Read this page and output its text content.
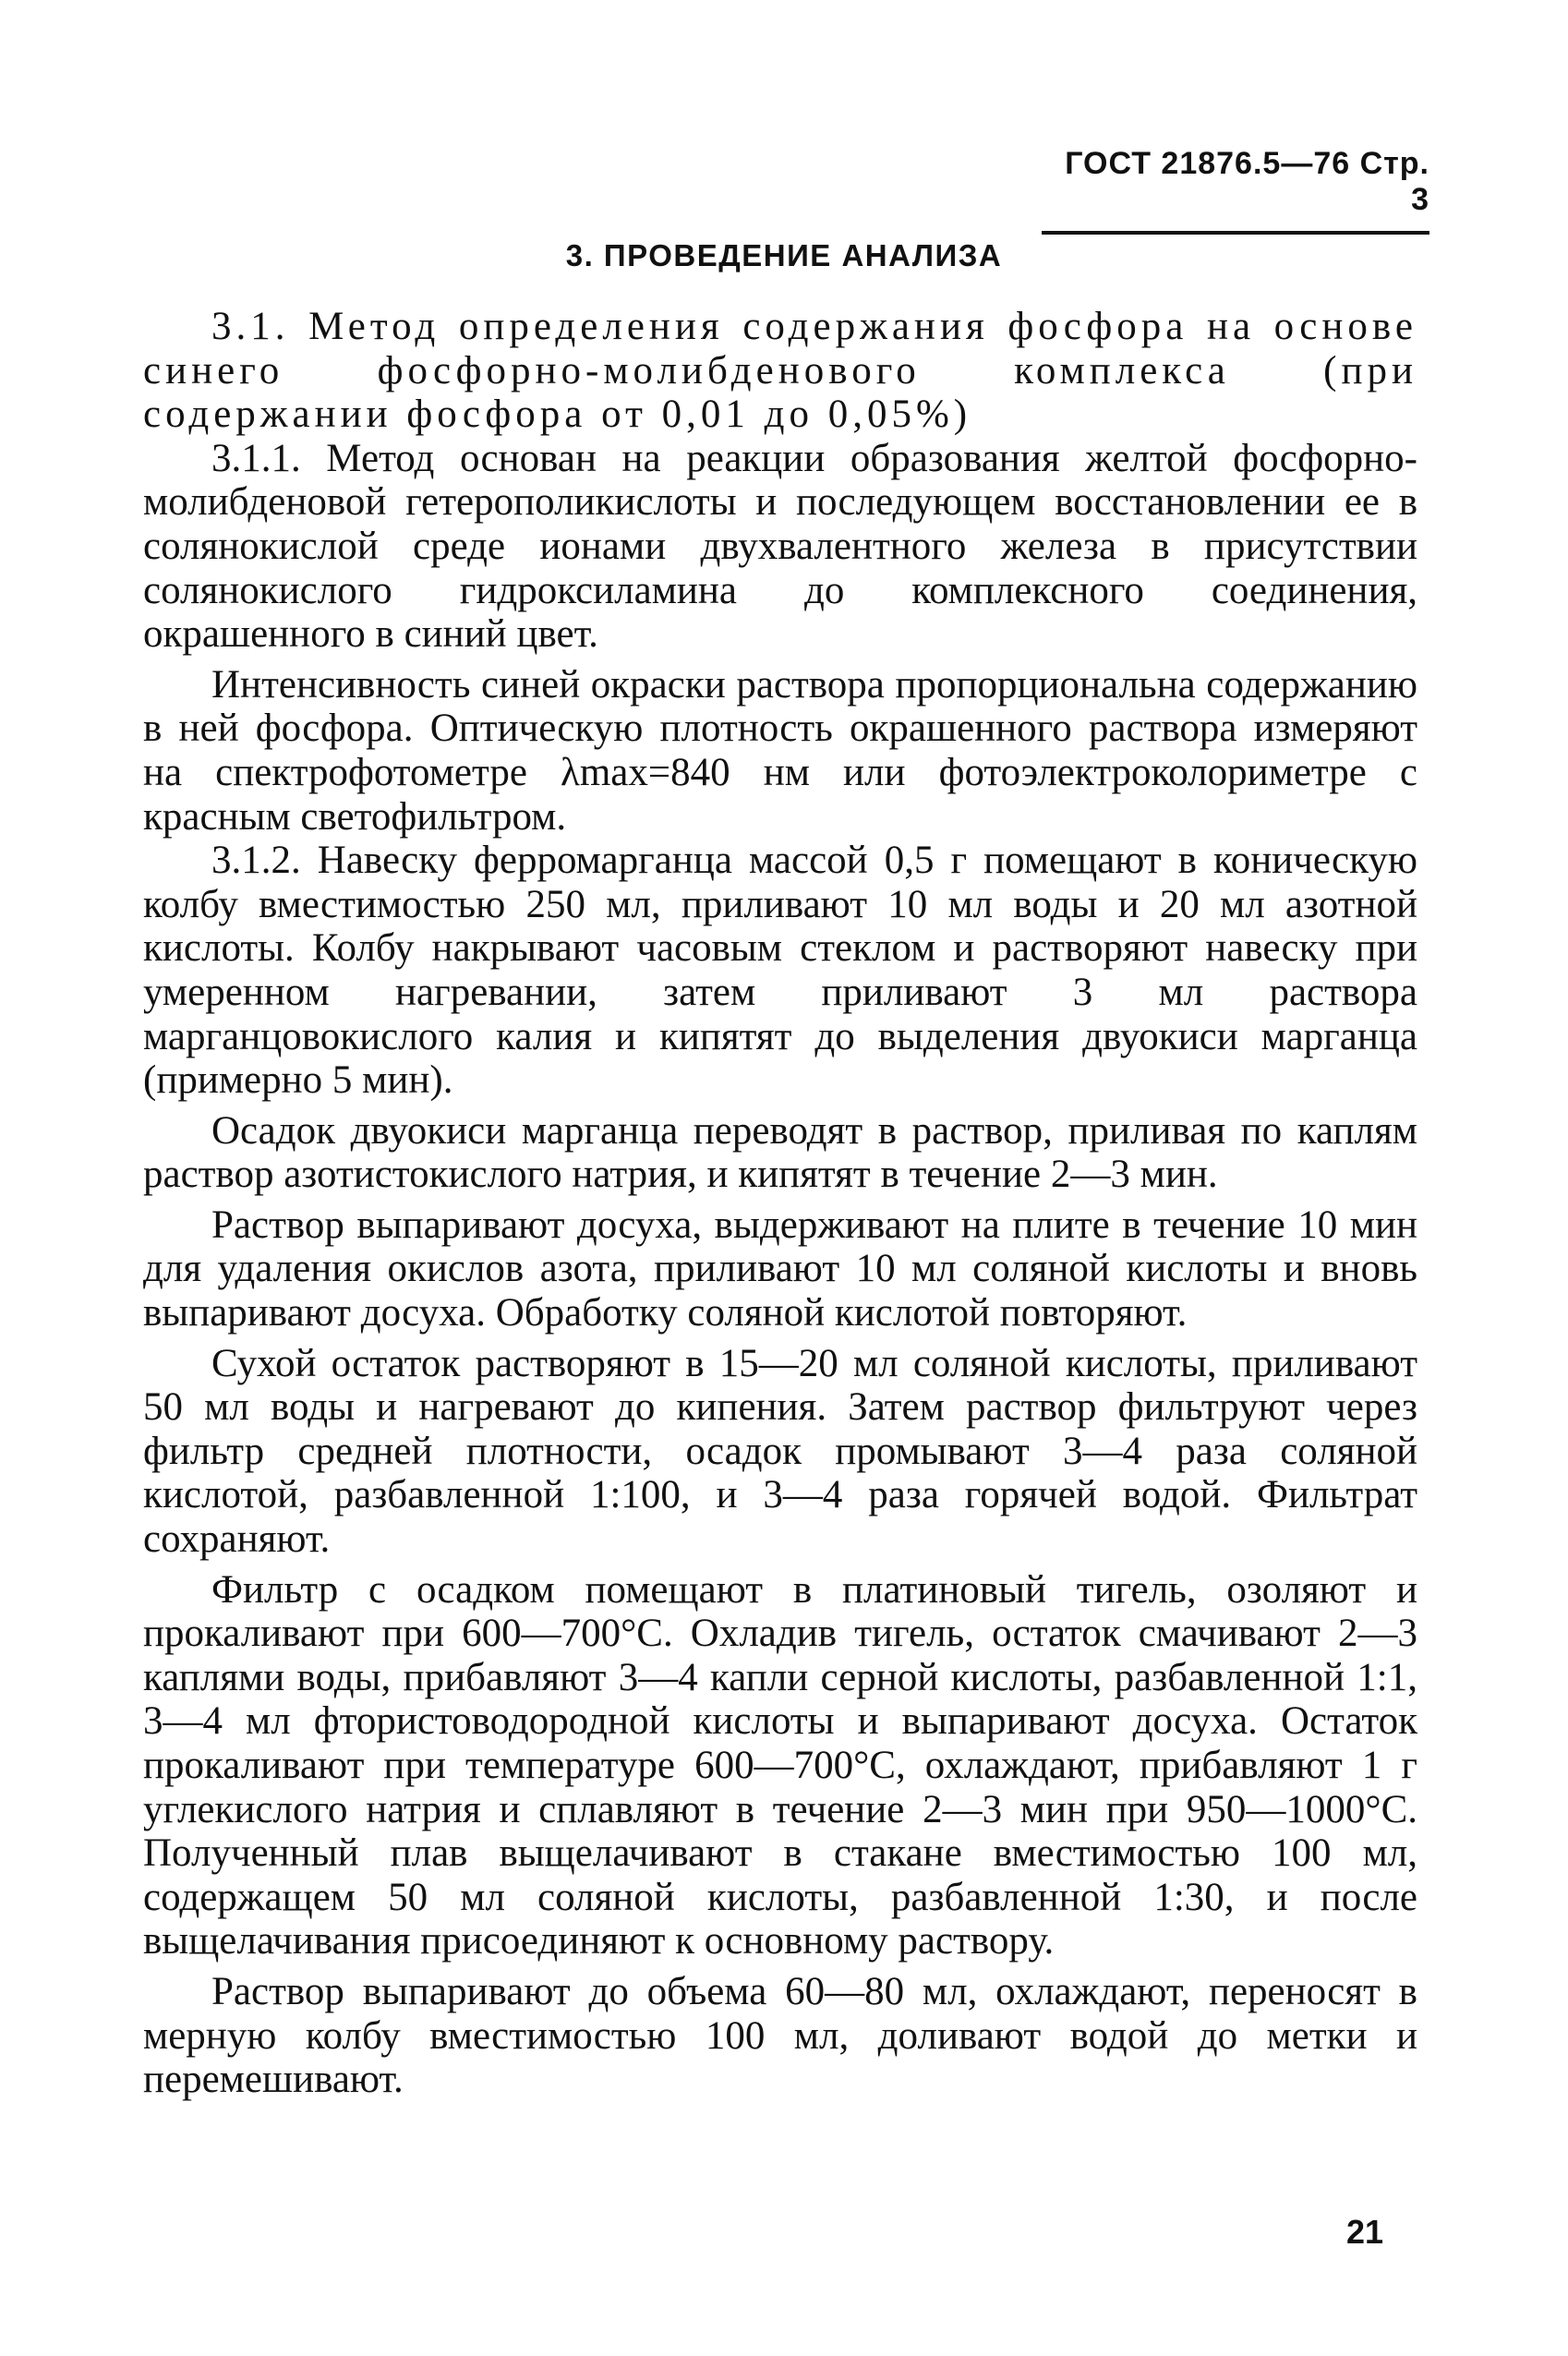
ГОСТ 21876.5—76 Стр. 3
3. ПРОВЕДЕНИЕ АНАЛИЗА

3.1. Метод определения содержания фосфора на основе синего фосфорно-молибденового комплекса (при содержании фосфора от 0,01 до 0,05%)

3.1.1. Метод основан на реакции образования желтой фосфорно-молибденовой гетерополикислоты и последующем восстановлении ее в солянокислой среде ионами двухвалентного железа в присутствии солянокислого гидроксиламина до комплексного соединения, окрашенного в синий цвет.

Интенсивность синей окраски раствора пропорциональна содержанию в ней фосфора. Оптическую плотность окрашенного раствора измеряют на спектрофотометре λmax=840 нм или фотоэлектроколориметре с красным светофильтром.

3.1.2. Навеску ферромарганца массой 0,5 г помещают в коническую колбу вместимостью 250 мл, приливают 10 мл воды и 20 мл азотной кислоты. Колбу накрывают часовым стеклом и растворяют навеску при умеренном нагревании, затем приливают 3 мл раствора марганцовокислого калия и кипятят до выделения двуокиси марганца (примерно 5 мин).

Осадок двуокиси марганца переводят в раствор, приливая по каплям раствор азотистокислого натрия, и кипятят в течение 2—3 мин.

Раствор выпаривают досуха, выдерживают на плите в течение 10 мин для удаления окислов азота, приливают 10 мл соляной кислоты и вновь выпаривают досуха. Обработку соляной кислотой повторяют.

Сухой остаток растворяют в 15—20 мл соляной кислоты, приливают 50 мл воды и нагревают до кипения. Затем раствор фильтруют через фильтр средней плотности, осадок промывают 3—4 раза соляной кислотой, разбавленной 1:100, и 3—4 раза горячей водой. Фильтрат сохраняют.

Фильтр с осадком помещают в платиновый тигель, озоляют и прокаливают при 600—700°С. Охладив тигель, остаток смачивают 2—3 каплями воды, прибавляют 3—4 капли серной кислоты, разбавленной 1:1, 3—4 мл фтористоводородной кислоты и выпаривают досуха. Остаток прокаливают при температуре 600—700°С, охлаждают, прибавляют 1 г углекислого натрия и сплавляют в течение 2—3 мин при 950—1000°С. Полученный плав выщелачивают в стакане вместимостью 100 мл, содержащем 50 мл соляной кислоты, разбавленной 1:30, и после выщелачивания присоединяют к основному раствору.

Раствор выпаривают до объема 60—80 мл, охлаждают, переносят в мерную колбу вместимостью 100 мл, доливают водой до метки и перемешивают.

21
